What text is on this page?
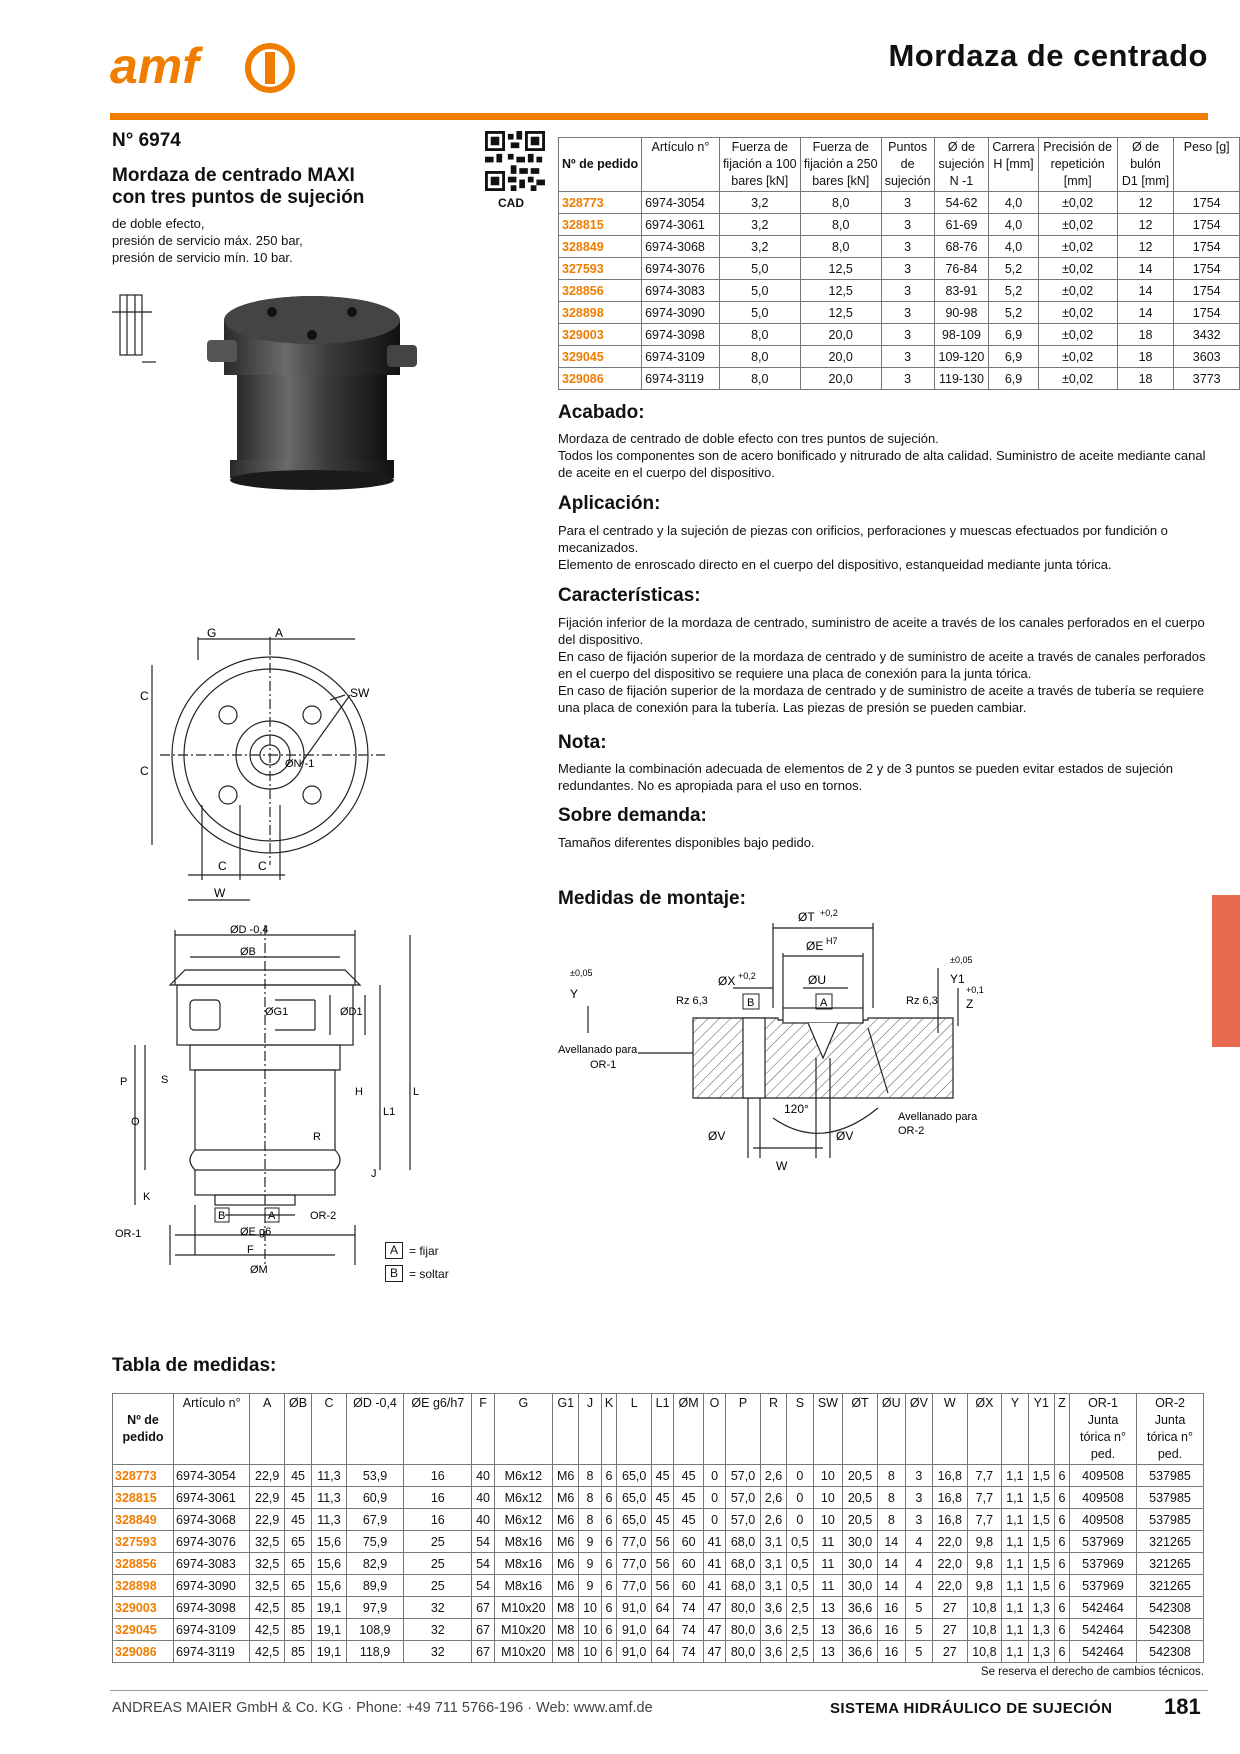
amf	Mordaza de centrado
N° 6974
Mordaza de centrado MAXI
con tres puntos de sujeción
de doble efecto,
presión de servicio máx. 250 bar,
presión de servicio mín. 10 bar.
CAD
Nº de pedido	Artículo n°	Fuerza de fijación a 100 bares [kN]	Fuerza de fijación a 250 bares [kN]	Puntos de sujeción	Ø de sujeción N -1	Carrera H [mm]	Precisión de repetición [mm]	Ø de bulón D1 [mm]	Peso [g]
328773	6974-3054	3,2	8,0	3	54-62	4,0	±0,02	12	1754
328815	6974-3061	3,2	8,0	3	61-69	4,0	±0,02	12	1754
328849	6974-3068	3,2	8,0	3	68-76	4,0	±0,02	12	1754
327593	6974-3076	5,0	12,5	3	76-84	5,2	±0,02	14	1754
328856	6974-3083	5,0	12,5	3	83-91	5,2	±0,02	14	1754
328898	6974-3090	5,0	12,5	3	90-98	5,2	±0,02	14	1754
329003	6974-3098	8,0	20,0	3	98-109	6,9	±0,02	18	3432
329045	6974-3109	8,0	20,0	3	109-120	6,9	±0,02	18	3603
329086	6974-3119	8,0	20,0	3	119-130	6,9	±0,02	18	3773
G	A
C
C
SW
ØN -1
C	C
W
ØD -0,4
ØB
ØG1	ØD1
H
S
P
O
L1
L
R
J
K
OR-1
OR-2
B	A
ØE g6
F
ØM
A = fijar
B = soltar
Acabado:
Mordaza de centrado de doble efecto con tres puntos de sujeción.
Todos los componentes son de acero bonificado y nitrurado de alta calidad. Suministro de aceite mediante canal de aceite en el cuerpo del dispositivo.
Aplicación:
Para el centrado y la sujeción de piezas con orificios, perforaciones y muescas efectuados por fundición o mecanizados.
Elemento de enroscado directo en el cuerpo del dispositivo, estanqueidad mediante junta tórica.
Características:
Fijación inferior de la mordaza de centrado, suministro de aceite a través de los canales perforados en el cuerpo del dispositivo.
En caso de fijación superior de la mordaza de centrado y de suministro de aceite a través de canales perforados en el cuerpo del dispositivo se requiere una placa de conexión para la junta tórica.
En caso de fijación superior de la mordaza de centrado y de suministro de aceite a través de tubería se requiere una placa de conexión para la tubería. Las piezas de presión se pueden cambiar.
Nota:
Mediante la combinación adecuada de elementos de 2 y de 3 puntos se pueden evitar estados de sujeción redundantes. No es apropiada para el uso en tornos.
Sobre demanda:
Tamaños diferentes disponibles bajo pedido.
Medidas de montaje:
ØT +0,2
ØE H7
ØX +0,2	ØU
Y
±0,05	Y1
±0,05
Z
+0,1
Rz 6,3	Rz 6,3
B	A
Avellanado para
OR-1
Avellanado para
OR-2
120°
ØV	ØV
W
Tabla de medidas:
Nº de pedido	Artículo n°	A	ØB	C	ØD -0,4	ØE g6/h7	F	G	G1	J	K	L	L1	ØM	O	P	R	S	SW	ØT	ØU	ØV	W	ØX	Y	Y1	Z	OR-1 Junta tórica n° ped.	OR-2 Junta tórica n° ped.
328773	6974-3054	22,9	45	11,3	53,9	16	40	M6x12	M6	8	6	65,0	45	45	0	57,0	2,6	0	10	20,5	8	3	16,8	7,7	1,1	1,5	6	409508	537985
328815	6974-3061	22,9	45	11,3	60,9	16	40	M6x12	M6	8	6	65,0	45	45	0	57,0	2,6	0	10	20,5	8	3	16,8	7,7	1,1	1,5	6	409508	537985
328849	6974-3068	22,9	45	11,3	67,9	16	40	M6x12	M6	8	6	65,0	45	45	0	57,0	2,6	0	10	20,5	8	3	16,8	7,7	1,1	1,5	6	409508	537985
327593	6974-3076	32,5	65	15,6	75,9	25	54	M8x16	M6	9	6	77,0	56	60	41	68,0	3,1	0,5	11	30,0	14	4	22,0	9,8	1,1	1,5	6	537969	321265
328856	6974-3083	32,5	65	15,6	82,9	25	54	M8x16	M6	9	6	77,0	56	60	41	68,0	3,1	0,5	11	30,0	14	4	22,0	9,8	1,1	1,5	6	537969	321265
328898	6974-3090	32,5	65	15,6	89,9	25	54	M8x16	M6	9	6	77,0	56	60	41	68,0	3,1	0,5	11	30,0	14	4	22,0	9,8	1,1	1,5	6	537969	321265
329003	6974-3098	42,5	85	19,1	97,9	32	67	M10x20	M8	10	6	91,0	64	74	47	80,0	3,6	2,5	13	36,6	16	5	27	10,8	1,1	1,3	6	542464	542308
329045	6974-3109	42,5	85	19,1	108,9	32	67	M10x20	M8	10	6	91,0	64	74	47	80,0	3,6	2,5	13	36,6	16	5	27	10,8	1,1	1,3	6	542464	542308
329086	6974-3119	42,5	85	19,1	118,9	32	67	M10x20	M8	10	6	91,0	64	74	47	80,0	3,6	2,5	13	36,6	16	5	27	10,8	1,1	1,3	6	542464	542308
Se reserva el derecho de cambios técnicos.
ANDREAS MAIER GmbH & Co. KG · Phone: +49 711 5766-196 · Web: www.amf.de	SISTEMA HIDRÁULICO DE SUJECIÓN 181
